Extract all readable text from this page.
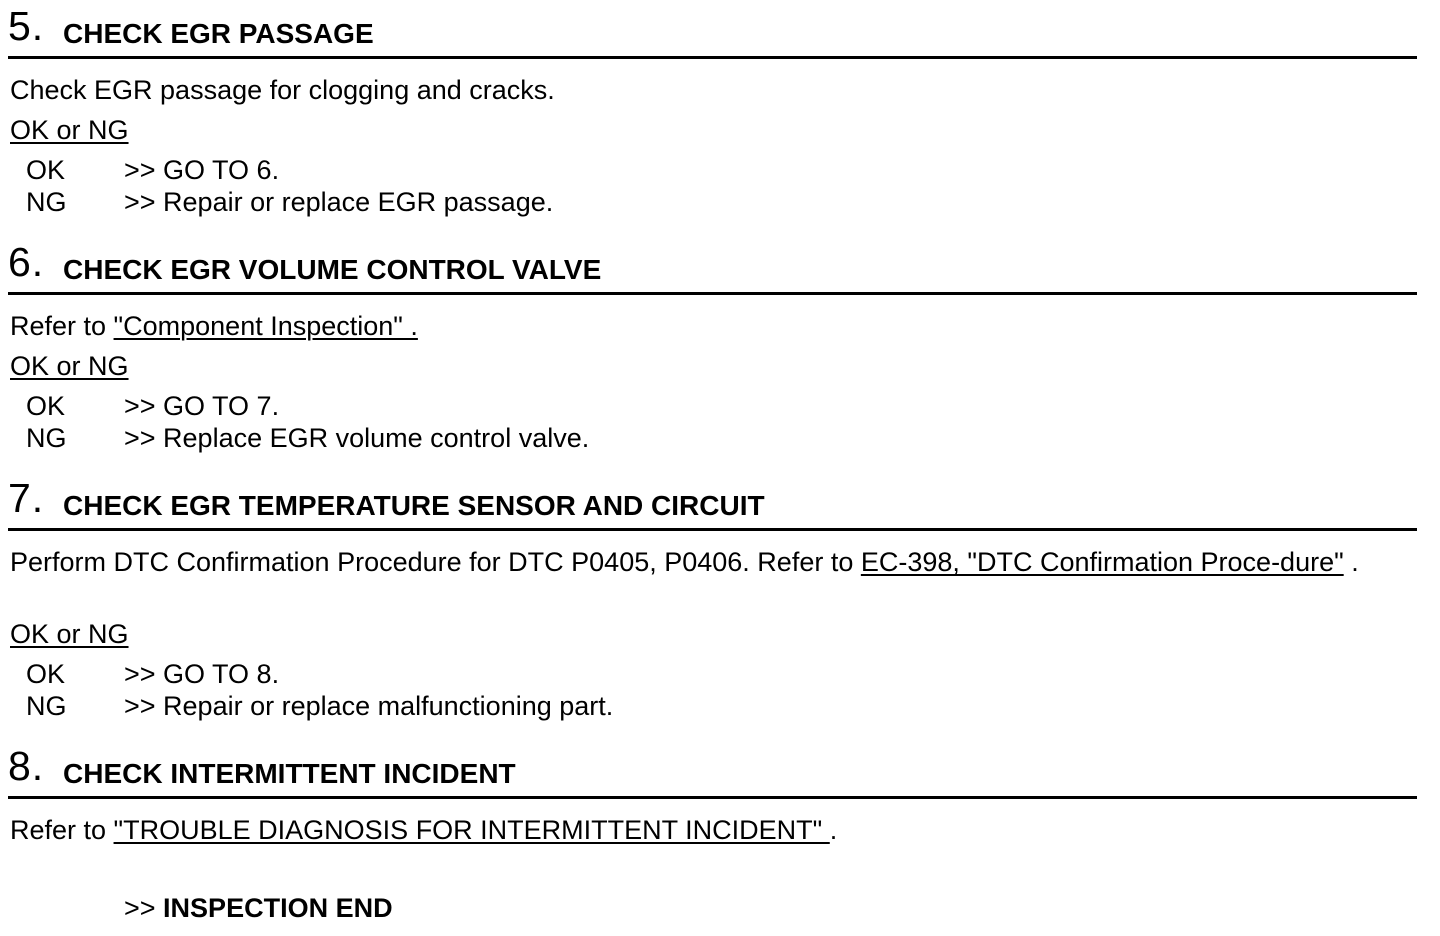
5. CHECK EGR PASSAGE
Check EGR passage for clogging and cracks.
OK or NG
OK >> GO TO 6.
NG >> Repair or replace EGR passage.
6. CHECK EGR VOLUME CONTROL VALVE
Refer to "Component Inspection" .
OK or NG
OK >> GO TO 7.
NG >> Replace EGR volume control valve.
7. CHECK EGR TEMPERATURE SENSOR AND CIRCUIT
Perform DTC Confirmation Procedure for DTC P0405, P0406. Refer to EC-398, "DTC Confirmation Proce-dure" .
OK or NG
OK >> GO TO 8.
NG >> Repair or replace malfunctioning part.
8. CHECK INTERMITTENT INCIDENT
Refer to "TROUBLE DIAGNOSIS FOR INTERMITTENT INCIDENT" .
>> INSPECTION END
